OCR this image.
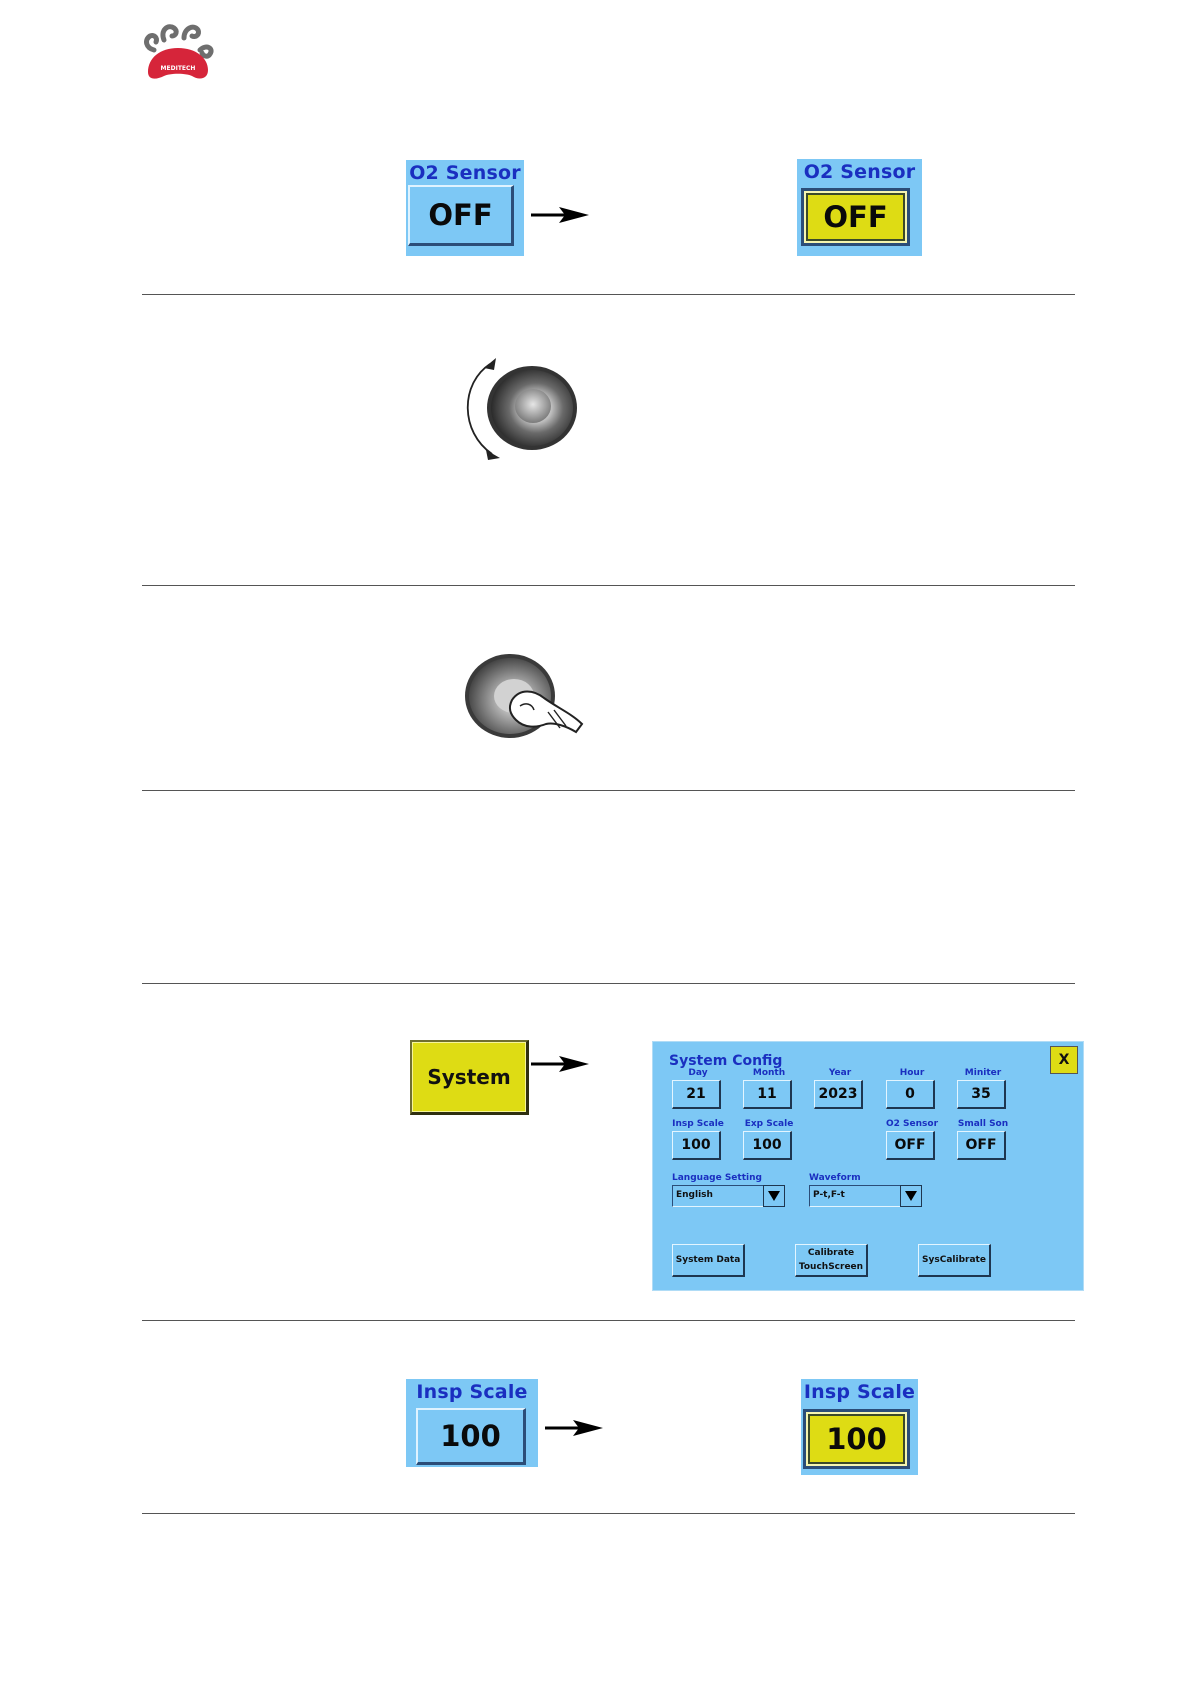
MEDITECH
O2 Sensor
OFF
O2 Sensor
OFF
System
System Config	X
Day
21
Month
11
Year
2023
Hour
0
Miniter
35
Insp Scale
100
Exp Scale
100
O2 Sensor
OFF
Small Son
OFF
Language Setting
English
Waveform
P-t,F-t
System Data
Calibrate
TouchScreen
SysCalibrate
Insp Scale
100
Insp Scale
100
